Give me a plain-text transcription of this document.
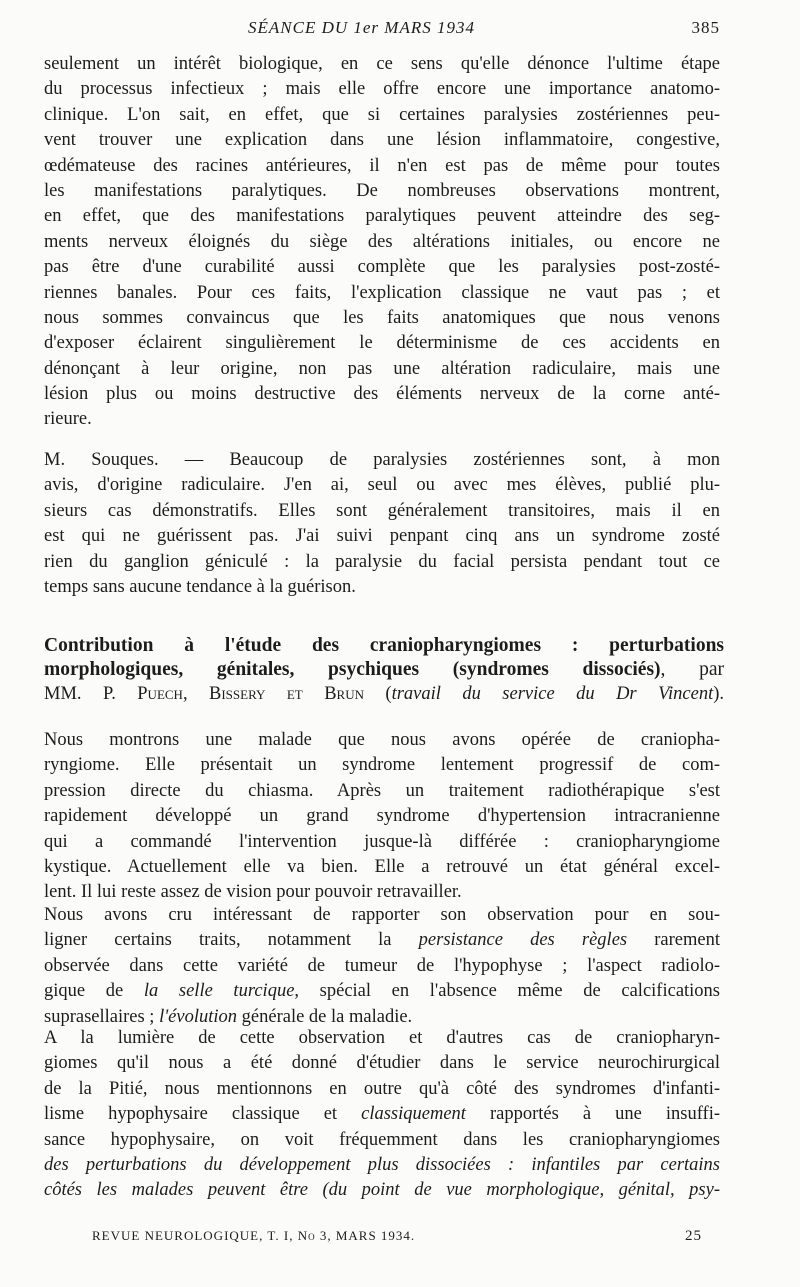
SÉANCE DU 1er MARS 1934	385
seulement un intérêt biologique, en ce sens qu'elle dénonce l'ultime étape
du processus infectieux ; mais elle offre encore une importance anatomo-
clinique. L'on sait, en effet, que si certaines paralysies zostériennes peu-
vent trouver une explication dans une lésion inflammatoire, congestive,
œdémateuse des racines antérieures, il n'en est pas de même pour toutes
les manifestations paralytiques. De nombreuses observations montrent,
en effet, que des manifestations paralytiques peuvent atteindre des seg-
ments nerveux éloignés du siège des altérations initiales, ou encore ne
pas être d'une curabilité aussi complète que les paralysies post-zosté-
riennes banales. Pour ces faits, l'explication classique ne vaut pas ; et
nous sommes convaincus que les faits anatomiques que nous venons
d'exposer éclairent singulièrement le déterminisme de ces accidents en
dénonçant à leur origine, non pas une altération radiculaire, mais une
lésion plus ou moins destructive des éléments nerveux de la corne anté-
rieure.
M. Souques. — Beaucoup de paralysies zostériennes sont, à mon
avis, d'origine radiculaire. J'en ai, seul ou avec mes élèves, publié plu-
sieurs cas démonstratifs. Elles sont généralement transitoires, mais il en
est qui ne guérissent pas. J'ai suivi penpant cinq ans un syndrome zosté
rien du ganglion géniculé : la paralysie du facial persista pendant tout ce
temps sans aucune tendance à la guérison.
Contribution à l'étude des craniopharyngiomes : perturbations
morphologiques, génitales, psychiques (syndromes dissociés), par
MM. P. Puech, Bissery et Brun (travail du service du Dr Vincent).
Nous montrons une malade que nous avons opérée de craniopha-
ryngiome. Elle présentait un syndrome lentement progressif de com-
pression directe du chiasma. Après un traitement radiothérapique s'est
rapidement développé un grand syndrome d'hypertension intracranienne
qui a commandé l'intervention jusque-là différée : craniopharyngiome
kystique. Actuellement elle va bien. Elle a retrouvé un état général excel-
lent. Il lui reste assez de vision pour pouvoir retravailler.
Nous avons cru intéressant de rapporter son observation pour en sou-
ligner certains traits, notamment la persistance des règles rarement
observée dans cette variété de tumeur de l'hypophyse ; l'aspect radiolo-
gique de la selle turcique, spécial en l'absence même de calcifications
suprasellaires ; l'évolution générale de la maladie.
A la lumière de cette observation et d'autres cas de craniopharyn-
giomes qu'il nous a été donné d'étudier dans le service neurochirurgical
de la Pitié, nous mentionnons en outre qu'à côté des syndromes d'infanti-
lisme hypophysaire classique et classiquement rapportés à une insuffi-
sance hypophysaire, on voit fréquemment dans les craniopharyngiomes
des perturbations du développement plus dissociées : infantiles par certains
côtés les malades peuvent être (du point de vue morphologique, génital, psy-
REVUE NEUROLOGIQUE, T. I, No 3, MARS 1934.	25
